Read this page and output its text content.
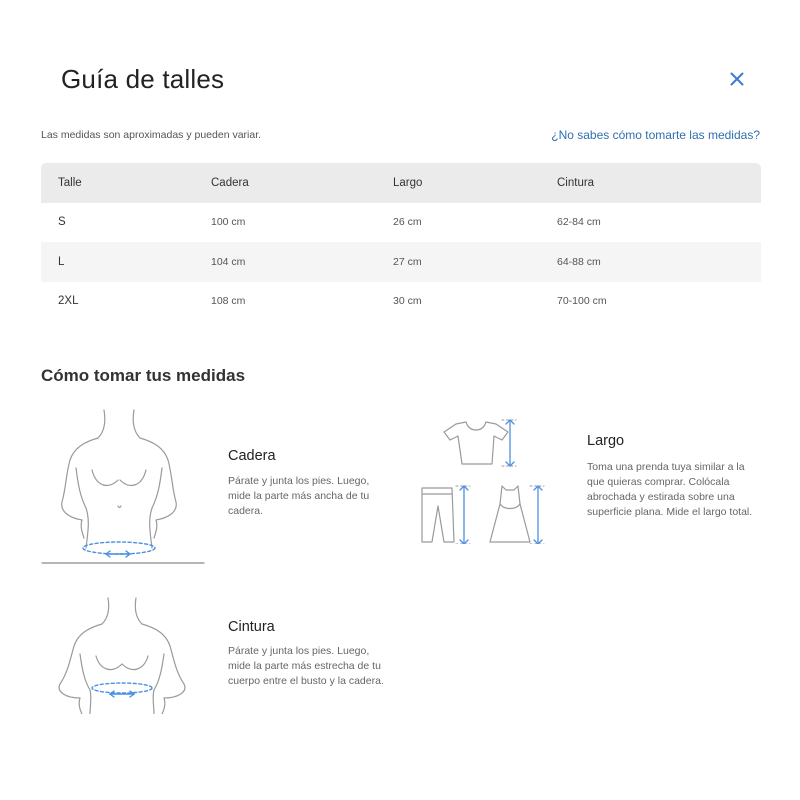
Guía de talles

Las medidas son aproximadas y pueden variar.	¿No sabes cómo tomarte las medidas?
Talle	Cadera	Largo	Cintura
S	100 cm	26 cm	62-84 cm
L	104 cm	27 cm	64-88 cm
2XL	108 cm	30 cm	70-100 cm
Cómo tomar tus medidas
Cadera
Párate y junta los pies. Luego, mide la parte más ancha de tu cadera.
Largo
Toma una prenda tuya similar a la que quieras comprar. Colócala abrochada y estirada sobre una superficie plana. Mide el largo total.
Cintura
Párate y junta los pies. Luego, mide la parte más estrecha de tu cuerpo entre el busto y la cadera.
